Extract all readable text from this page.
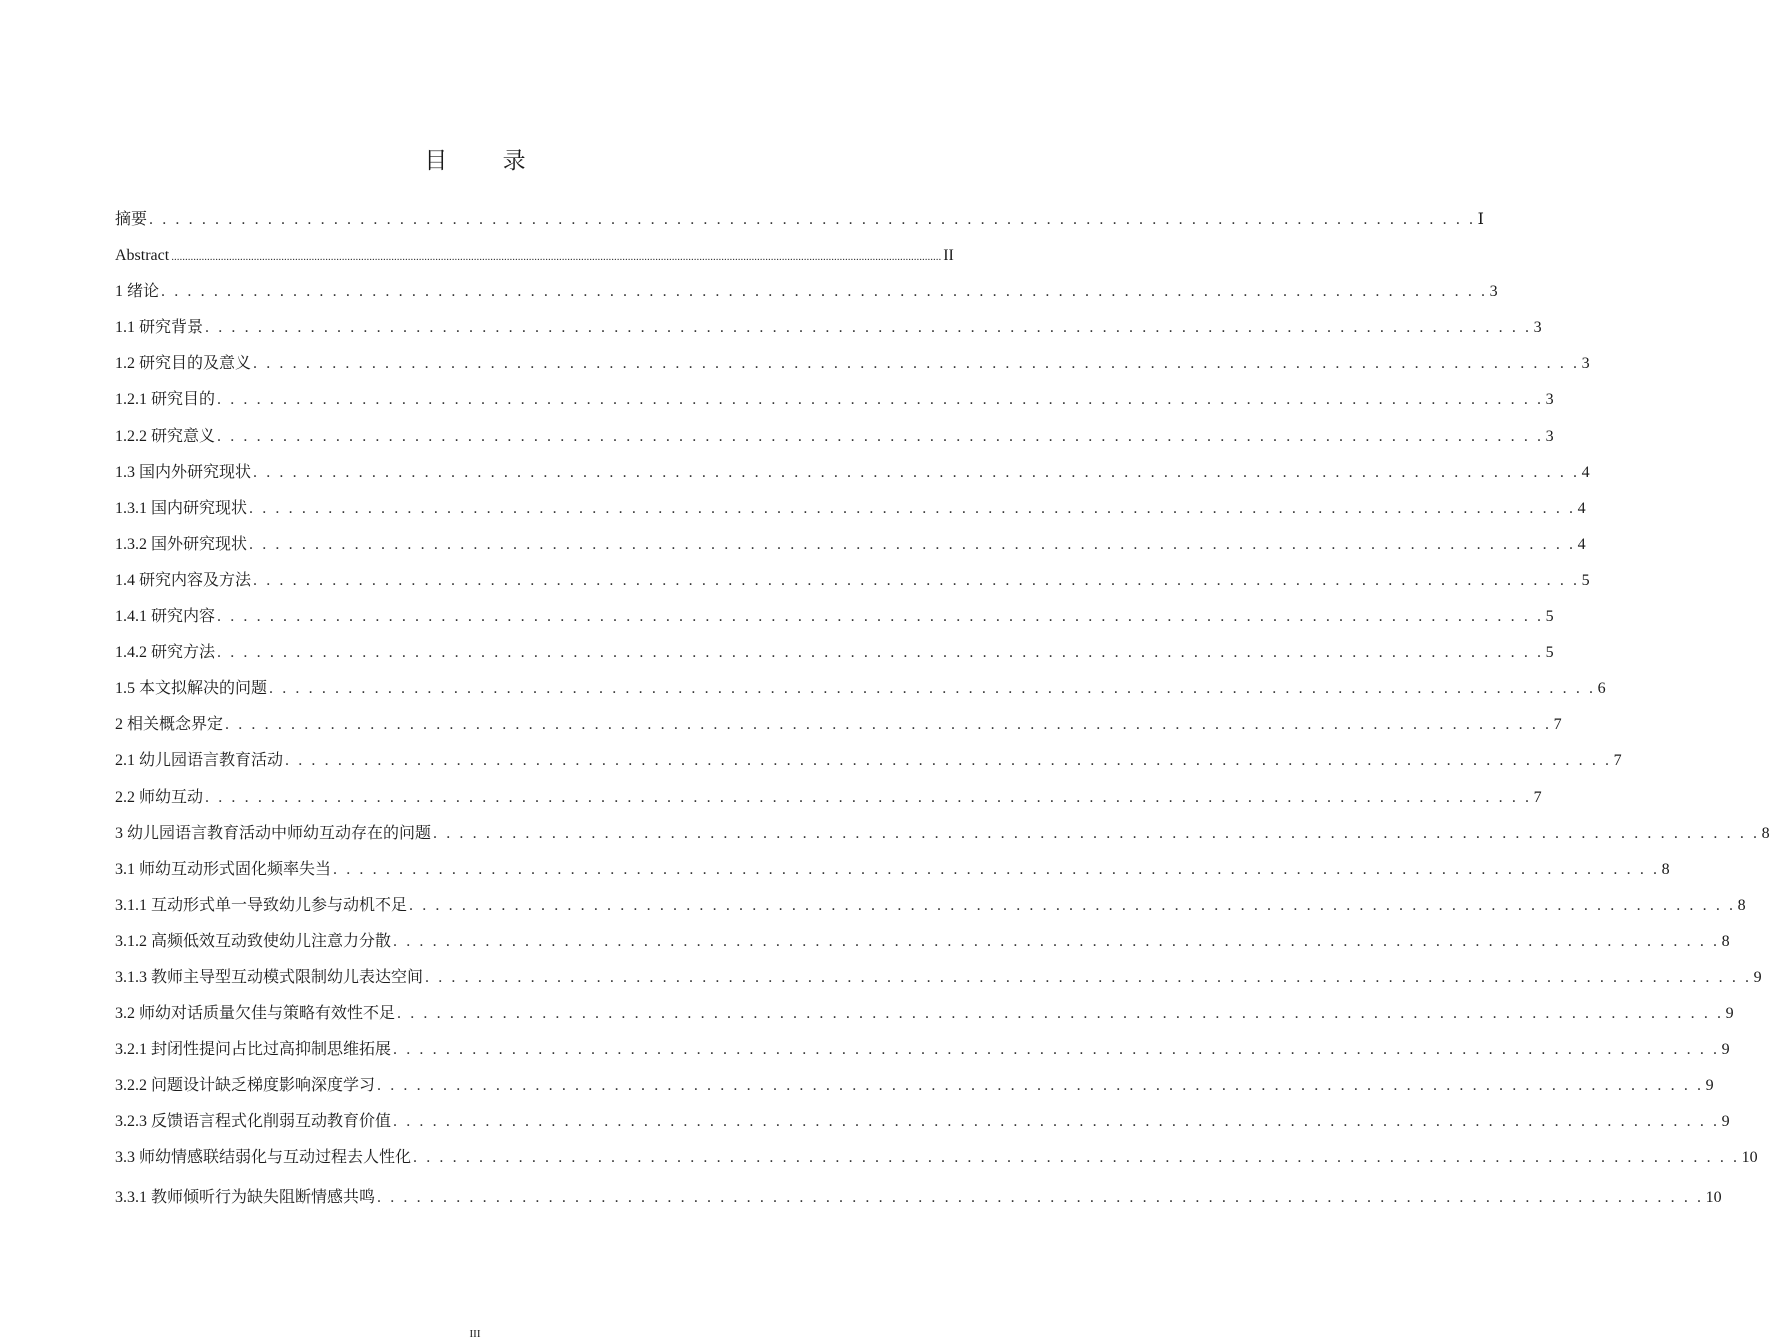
目 录
摘要 . . . . . . . . . . . . . . . . . . . . . . . . . . . . . . . . . . . . . . . . . . . . . . . . . . . . . . . . . . . . . . . . . . . . . . . . . . . . . . . . . . . . . . . . . . . . . . . . . . . . . Ⅰ
Abstract ........................................................................................................................................................................................................................................................................................ II
1 绪论 . . . . . . . . . . . . . . . . . . . . . . . . . . . . . . . . . . . . . . . . . . . . . . . . . . . . . . . . . . . . . . . . . . . . . . . . . . . . . . . . . . . . . . . . . . . . . . . . . . . . . 3
1.1 研究背景 . . . . . . . . . . . . . . . . . . . . . . . . . . . . . . . . . . . . . . . . . . . . . . . . . . . . . . . . . . . . . . . . . . . . . . . . . . . . . . . . . . . . . . . . . . . . . . . . . . . . . 3
1.2 研究目的及意义 . . . . . . . . . . . . . . . . . . . . . . . . . . . . . . . . . . . . . . . . . . . . . . . . . . . . . . . . . . . . . . . . . . . . . . . . . . . . . . . . . . . . . . . . . . . . . . . . . . . . . 3
1.2.1 研究目的 . . . . . . . . . . . . . . . . . . . . . . . . . . . . . . . . . . . . . . . . . . . . . . . . . . . . . . . . . . . . . . . . . . . . . . . . . . . . . . . . . . . . . . . . . . . . . . . . . . . . . 3
1.2.2 研究意义 . . . . . . . . . . . . . . . . . . . . . . . . . . . . . . . . . . . . . . . . . . . . . . . . . . . . . . . . . . . . . . . . . . . . . . . . . . . . . . . . . . . . . . . . . . . . . . . . . . . . . 3
1.3 国内外研究现状 . . . . . . . . . . . . . . . . . . . . . . . . . . . . . . . . . . . . . . . . . . . . . . . . . . . . . . . . . . . . . . . . . . . . . . . . . . . . . . . . . . . . . . . . . . . . . . . . . . . . . 4
1.3.1 国内研究现状 . . . . . . . . . . . . . . . . . . . . . . . . . . . . . . . . . . . . . . . . . . . . . . . . . . . . . . . . . . . . . . . . . . . . . . . . . . . . . . . . . . . . . . . . . . . . . . . . . . . . . 4
1.3.2 国外研究现状 . . . . . . . . . . . . . . . . . . . . . . . . . . . . . . . . . . . . . . . . . . . . . . . . . . . . . . . . . . . . . . . . . . . . . . . . . . . . . . . . . . . . . . . . . . . . . . . . . . . . . 4
1.4 研究内容及方法 . . . . . . . . . . . . . . . . . . . . . . . . . . . . . . . . . . . . . . . . . . . . . . . . . . . . . . . . . . . . . . . . . . . . . . . . . . . . . . . . . . . . . . . . . . . . . . . . . . . . . 5
1.4.1 研究内容 . . . . . . . . . . . . . . . . . . . . . . . . . . . . . . . . . . . . . . . . . . . . . . . . . . . . . . . . . . . . . . . . . . . . . . . . . . . . . . . . . . . . . . . . . . . . . . . . . . . . . 5
1.4.2 研究方法 . . . . . . . . . . . . . . . . . . . . . . . . . . . . . . . . . . . . . . . . . . . . . . . . . . . . . . . . . . . . . . . . . . . . . . . . . . . . . . . . . . . . . . . . . . . . . . . . . . . . . 5
1.5 本文拟解决的问题 . . . . . . . . . . . . . . . . . . . . . . . . . . . . . . . . . . . . . . . . . . . . . . . . . . . . . . . . . . . . . . . . . . . . . . . . . . . . . . . . . . . . . . . . . . . . . . . . . . . . . 6
2 相关概念界定 . . . . . . . . . . . . . . . . . . . . . . . . . . . . . . . . . . . . . . . . . . . . . . . . . . . . . . . . . . . . . . . . . . . . . . . . . . . . . . . . . . . . . . . . . . . . . . . . . . . . . 7
2.1 幼儿园语言教育活动 . . . . . . . . . . . . . . . . . . . . . . . . . . . . . . . . . . . . . . . . . . . . . . . . . . . . . . . . . . . . . . . . . . . . . . . . . . . . . . . . . . . . . . . . . . . . . . . . . . . . . 7
2.2 师幼互动 . . . . . . . . . . . . . . . . . . . . . . . . . . . . . . . . . . . . . . . . . . . . . . . . . . . . . . . . . . . . . . . . . . . . . . . . . . . . . . . . . . . . . . . . . . . . . . . . . . . . . 7
3 幼儿园语言教育活动中师幼互动存在的问题 . . . . . . . . . . . . . . . . . . . . . . . . . . . . . . . . . . . . . . . . . . . . . . . . . . . . . . . . . . . . . . . . . . . . . . . . . . . . . . . . . . . . . . . . . . . . . . . . . . . . . 8
3.1 师幼互动形式固化频率失当 . . . . . . . . . . . . . . . . . . . . . . . . . . . . . . . . . . . . . . . . . . . . . . . . . . . . . . . . . . . . . . . . . . . . . . . . . . . . . . . . . . . . . . . . . . . . . . . . . . . . . 8
3.1.1 互动形式单一导致幼儿参与动机不足 . . . . . . . . . . . . . . . . . . . . . . . . . . . . . . . . . . . . . . . . . . . . . . . . . . . . . . . . . . . . . . . . . . . . . . . . . . . . . . . . . . . . . . . . . . . . . . . . . . . . . 8
3.1.2 高频低效互动致使幼儿注意力分散 . . . . . . . . . . . . . . . . . . . . . . . . . . . . . . . . . . . . . . . . . . . . . . . . . . . . . . . . . . . . . . . . . . . . . . . . . . . . . . . . . . . . . . . . . . . . . . . . . . . . . 8
3.1.3 教师主导型互动模式限制幼儿表达空间 . . . . . . . . . . . . . . . . . . . . . . . . . . . . . . . . . . . . . . . . . . . . . . . . . . . . . . . . . . . . . . . . . . . . . . . . . . . . . . . . . . . . . . . . . . . . . . . . . . . . . 9
3.2 师幼对话质量欠佳与策略有效性不足 . . . . . . . . . . . . . . . . . . . . . . . . . . . . . . . . . . . . . . . . . . . . . . . . . . . . . . . . . . . . . . . . . . . . . . . . . . . . . . . . . . . . . . . . . . . . . . . . . . . . . 9
3.2.1 封闭性提问占比过高抑制思维拓展 . . . . . . . . . . . . . . . . . . . . . . . . . . . . . . . . . . . . . . . . . . . . . . . . . . . . . . . . . . . . . . . . . . . . . . . . . . . . . . . . . . . . . . . . . . . . . . . . . . . . . 9
3.2.2 问题设计缺乏梯度影响深度学习 . . . . . . . . . . . . . . . . . . . . . . . . . . . . . . . . . . . . . . . . . . . . . . . . . . . . . . . . . . . . . . . . . . . . . . . . . . . . . . . . . . . . . . . . . . . . . . . . . . . . . 9
3.2.3 反馈语言程式化削弱互动教育价值 . . . . . . . . . . . . . . . . . . . . . . . . . . . . . . . . . . . . . . . . . . . . . . . . . . . . . . . . . . . . . . . . . . . . . . . . . . . . . . . . . . . . . . . . . . . . . . . . . . . . . 9
3.3 师幼情感联结弱化与互动过程去人性化 . . . . . . . . . . . . . . . . . . . . . . . . . . . . . . . . . . . . . . . . . . . . . . . . . . . . . . . . . . . . . . . . . . . . . . . . . . . . . . . . . . . . . . . . . . . . . . . . . . . . . 10
3.3.1 教师倾听行为缺失阻断情感共鸣 . . . . . . . . . . . . . . . . . . . . . . . . . . . . . . . . . . . . . . . . . . . . . . . . . . . . . . . . . . . . . . . . . . . . . . . . . . . . . . . . . . . . . . . . . . . . . . . . . . . . . 10
III
